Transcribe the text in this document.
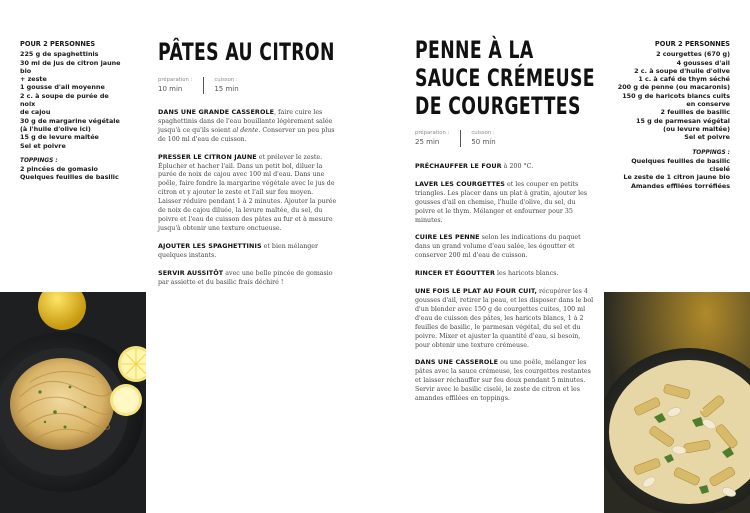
POUR 2 PERSONNES
225 g de spaghettinis
30 ml de jus de citron jaune bio
+ zeste
1 gousse d'ail moyenne
2 c. à soupe de purée de noix
de cajou
30 g de margarine végétale
(à l'huile d'olive ici)
15 g de levure maltée
Sel et poivre
TOPPINGS :
2 pincées de gomasio
Quelques feuilles de basilic
PÂTES AU CITRON
préparation :
10 min
cuisson :
15 min

DANS UNE GRANDE CASSEROLE, faire cuire les spaghettinis dans de l'eau bouillante légèrement salée jusqu'à ce qu'ils soient al dente. Conserver un peu plus de 100 ml d'eau de cuisson.

PRESSER LE CITRON JAUNE et prélever le zeste. Éplucher et hacher l'ail. Dans un petit bol, diluer la purée de noix de cajou avec 100 ml d'eau. Dans une poêle, faire fondre la margarine végétale avec le jus de citron et y ajouter le zeste et l'ail sur feu moyen. Laisser réduire pendant 1 à 2 minutes. Ajouter la purée de noix de cajou diluée, la levure maltée, du sel, du poivre et l'eau de cuisson des pâtes au fur et à mesure jusqu'à obtenir une texture onctueuse.

AJOUTER LES SPAGHETTINIS et bien mélanger quelques instants.

SERVIR AUSSITÔT avec une belle pincée de gomasio par assiette et du basilic frais déchiré !

PENNE À LA
SAUCE CRÉMEUSE
DE COURGETTES
préparation :
25 min
cuisson :
50 min

PRÉCHAUFFER LE FOUR à 200 °C.

LAVER LES COURGETTES et les couper en petits triangles. Les placer dans un plat à gratin, ajouter les gousses d'ail en chemise, l'huile d'olive, du sel, du poivre et le thym. Mélanger et enfourner pour 35 minutes.

CUIRE LES PENNE selon les indications du paquet dans un grand volume d'eau salée, les égoutter et conserver 200 ml d'eau de cuisson.

RINCER ET ÉGOUTTER les haricots blancs.

UNE FOIS LE PLAT AU FOUR CUIT, récupérer les 4 gousses d'ail, retirer la peau, et les disposer dans le bol d'un blender avec 150 g de courgettes cuites, 100 ml d'eau de cuisson des pâtes, les haricots blancs, 1 à 2 feuilles de basilic, le parmesan végétal, du sel et du poivre. Mixer et ajuster la quantité d'eau, si besoin, pour obtenir une texture crémeuse.

DANS UNE CASSEROLE ou une poêle, mélanger les pâtes avec la sauce crémeuse, les courgettes restantes et laisser réchauffer sur feu doux pendant 5 minutes. Servir avec le basilic ciselé, le zeste de citron et les amandes effilées en toppings.

POUR 2 PERSONNES
2 courgettes (670 g)
4 gousses d'ail
2 c. à soupe d'huile d'olive
1 c. à café de thym séché
200 g de penne (ou macaronis)
150 g de haricots blancs cuits
en conserve
2 feuilles de basilic
15 g de parmesan végétal
(ou levure maltée)
Sel et poivre
TOPPINGS :
Quelques feuilles de basilic ciselé
Le zeste de 1 citron jaune bio
Amandes effilées torréfiées
